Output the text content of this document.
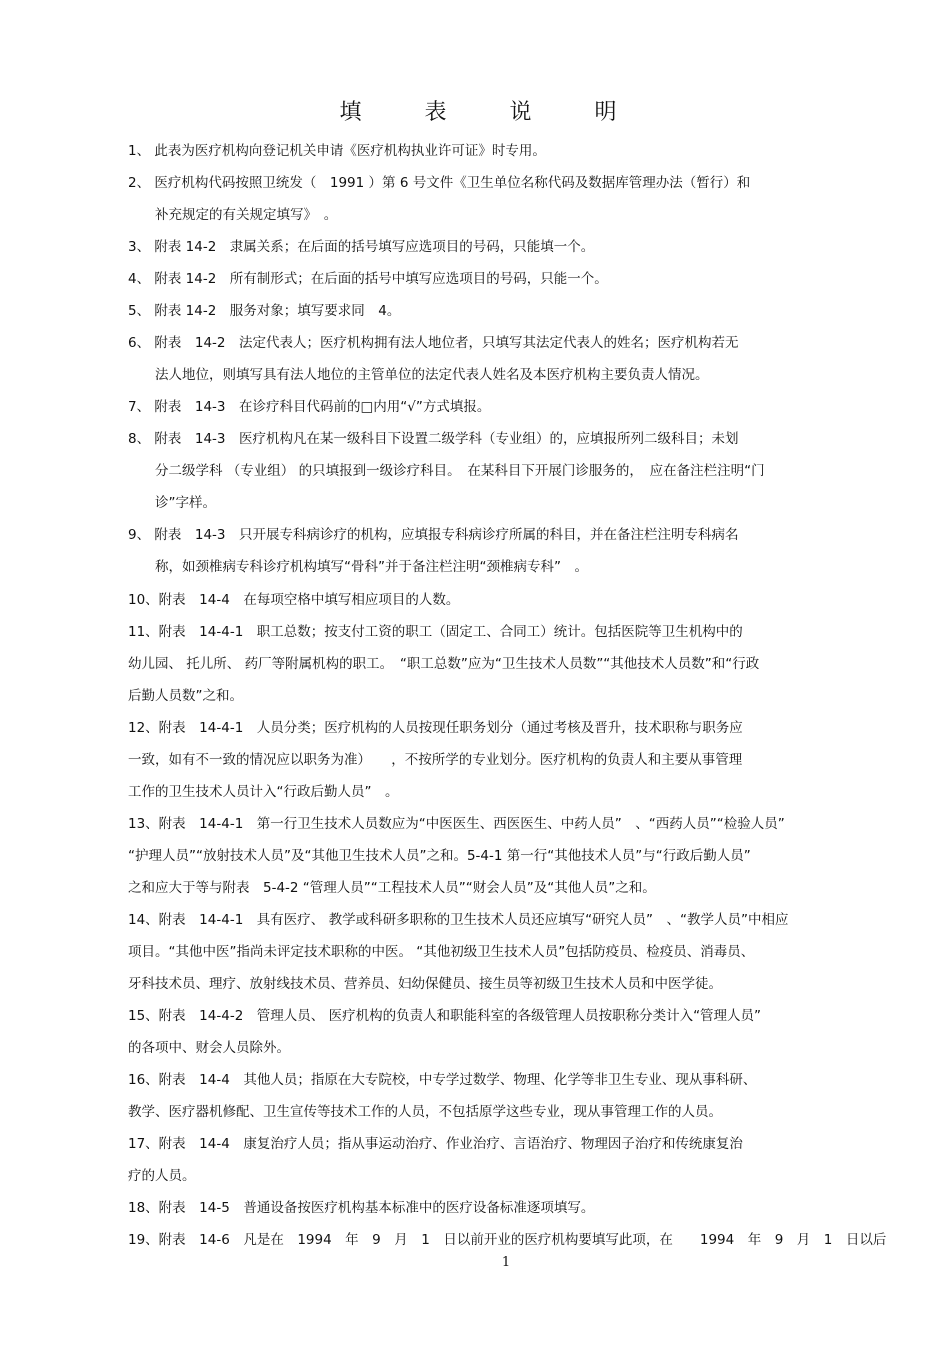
填 表 说 明
1、 此表为医疗机构向登记机关申请《医疗机构执业许可证》时专用。
2、 医疗机构代码按照卫统发（　1991 ）第 6 号文件《卫生单位名称代码及数据库管理办法（暂行）和
补充规定的有关规定填写》　。
3、 附表 14-2　隶属关系；在后面的括号填写应选项目的号码，只能填一个。
4、 附表 14-2　所有制形式；在后面的括号中填写应选项目的号码，只能一个。
5、 附表 14-2　服务对象；填写要求同　4。
6、 附表　14-2　法定代表人；医疗机构拥有法人地位者，只填写其法定代表人的姓名；医疗机构若无
法人地位，则填写具有法人地位的主管单位的法定代表人姓名及本医疗机构主要负责人情况。
7、 附表　14-3　在诊疗科目代码前的□内用“√”方式填报。
8、 附表　14-3　医疗机构凡在某一级科目下设置二级学科（专业组）的，应填报所列二级科目；未划
分二级学科 （专业组） 的只填报到一级诊疗科目。　在某科目下开展门诊服务的，　应在备注栏注明“门
诊”字样。
9、 附表　14-3　只开展专科病诊疗的机构，应填报专科病诊疗所属的科目，并在备注栏注明专科病名
称，如颈椎病专科诊疗机构填写“骨科”并于备注栏注明“颈椎病专科”　。
10、附表　14-4　在每项空格中填写相应项目的人数。
11、附表　14-4-1　职工总数；按支付工资的职工（固定工、合同工）统计。包括医院等卫生机构中的
幼儿园、 托儿所、 药厂等附属机构的职工。　“职工总数”应为“卫生技术人员数”“其他技术人员数”和“行政
后勤人员数”之和。
12、附表　14-4-1　人员分类；医疗机构的人员按现任职务划分（通过考核及晋升，技术职称与职务应
一致，如有不一致的情况应以职务为准）　　，不按所学的专业划分。医疗机构的负责人和主要从事管理
工作的卫生技术人员计入“行政后勤人员”　。
13、附表　14-4-1　第一行卫生技术人员数应为“中医医生、西医医生、中药人员”　、“西药人员”“检验人员”
“护理人员”“放射技术人员”及“其他卫生技术人员”之和。5-4-1 第一行“其他技术人员”与“行政后勤人员”
之和应大于等与附表　5-4-2 “管理人员”“工程技术人员”“财会人员”及“其他人员”之和。
14、附表　14-4-1　具有医疗、 教学或科研多职称的卫生技术人员还应填写“研究人员”　、“教学人员”中相应
项目。“其他中医”指尚未评定技术职称的中医。 “其他初级卫生技术人员”包括防疫员、检疫员、消毒员、
牙科技术员、理疗、放射线技术员、营养员、妇幼保健员、接生员等初级卫生技术人员和中医学徒。
15、附表　14-4-2　管理人员、 医疗机构的负责人和职能科室的各级管理人员按职称分类计入“管理人员”
的各项中、财会人员除外。
16、附表　14-4　其他人员；指原在大专院校，中专学过数学、物理、化学等非卫生专业、现从事科研、
教学、医疗器机修配、卫生宣传等技术工作的人员，不包括原学这些专业，现从事管理工作的人员。
17、附表　14-4　康复治疗人员；指从事运动治疗、作业治疗、言语治疗、物理因子治疗和传统康复治
疗的人员。
18、附表　14-5　普通设备按医疗机构基本标准中的医疗设备标准逐项填写。
19、附表　14-6　凡是在　1994　年　9　月　1　日以前开业的医疗机构要填写此项，在　　1994　年　9　月　1　日以后
1
